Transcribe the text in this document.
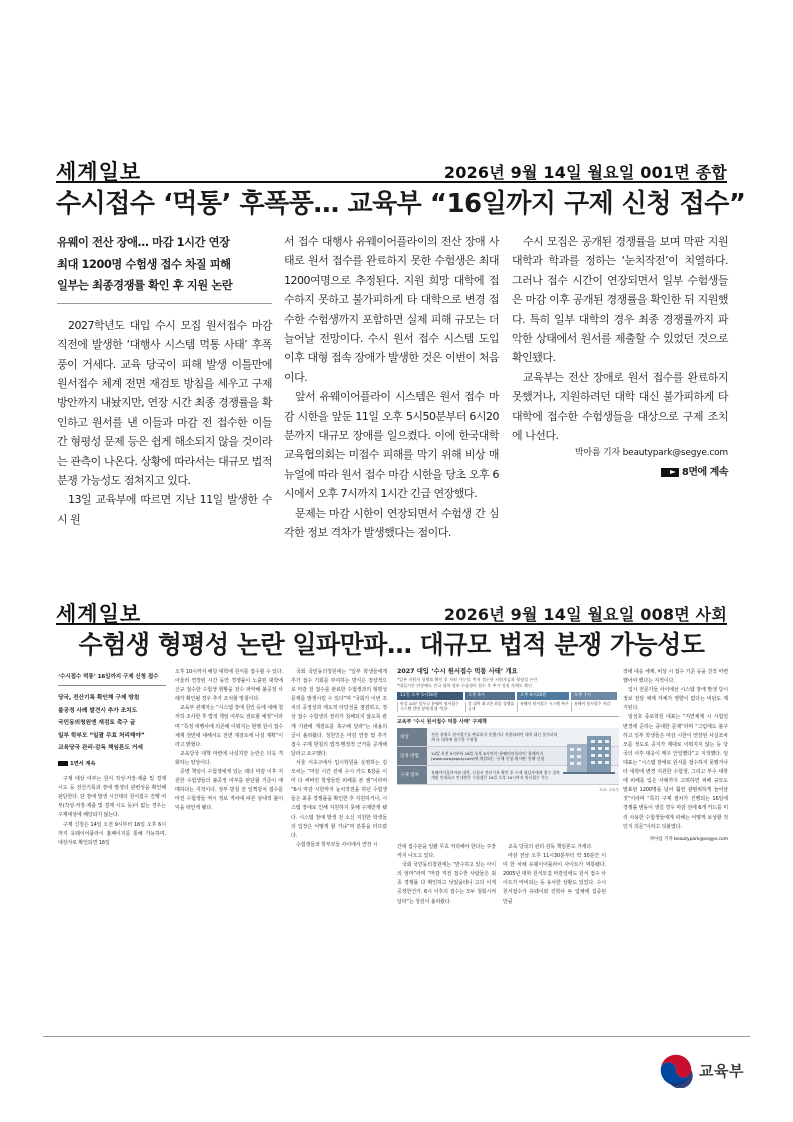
세계일보	2026년 9월 14일 월요일 001면 종합
수시접수 ‘먹통’ 후폭풍… 교육부 “16일까지 구제 신청 접수”
유웨이 전산 장애… 마감 1시간 연장
최대 1200명 수험생 접수 차질 피해
일부는 최종경쟁률 확인 후 지원 논란

2027학년도 대입 수시 모집 원서접수 마감 직전에 발생한 ‘대행사 시스템 먹통 사태’ 후폭풍이 거세다. 교육 당국이 피해 발생 이틀만에 원서접수 체계 전면 재검토 방침을 세우고 구제방안까지 내놨지만, 연장 시간 최종 경쟁률을 확인하고 원서를 낸 이들과 마감 전 접수한 이들 간 형평성 문제 등은 쉽게 해소되지 않을 것이라는 관측이 나온다. 상황에 따라서는 대규모 법적 분쟁 가능성도 점쳐지고 있다.

13일 교육부에 따르면 지난 11일 발생한 수시 원

서 접수 대행사 유웨이어플라이의 전산 장애 사태로 원서 접수를 완료하지 못한 수험생은 최대 1200여명으로 추정된다. 지원 희망 대학에 접수하지 못하고 불가피하게 타 대학으로 변경 접수한 수험생까지 포함하면 실제 피해 규모는 더 늘어날 전망이다. 수시 원서 접수 시스템 도입 이후 대형 접속 장애가 발생한 것은 이번이 처음이다.

앞서 유웨이어플라이 시스템은 원서 접수 마감 시한을 앞둔 11일 오후 5시50분부터 6시20분까지 대규모 장애를 일으켰다. 이에 한국대학교육협의회는 미접수 피해를 막기 위해 비상 매뉴얼에 따라 원서 접수 마감 시한을 당초 오후 6시에서 오후 7시까지 1시간 긴급 연장했다.

문제는 마감 시한이 연장되면서 수험생 간 심각한 정보 격차가 발생했다는 점이다.

수시 모집은 공개된 경쟁률을 보며 막판 지원 대학과 학과를 정하는 ‘눈치작전’이 치열하다. 그러나 접수 시간이 연장되면서 일부 수험생들은 마감 이후 공개된 경쟁률을 확인한 뒤 지원했다. 특히 일부 대학의 경우 최종 경쟁률까지 파악한 상태에서 원서를 제출할 수 있었던 것으로 확인됐다.

교육부는 전산 장애로 원서 접수를 완료하지 못했거나, 지원하려던 대학 대신 불가피하게 타 대학에 접수한 수험생들을 대상으로 구제 조치에 나선다.

박아름 기자 beautypark@segye.com
8면에 계속
세계일보	2026년 9월 14일 월요일 008면 사회
수험생 형평성 논란 일파만파… 대규모 법적 분쟁 가능성도
‘수시접수 먹통’ 16일까지 구제 신청 접수
당국, 전산기록 확인해 구제 방침
불공정 사례 발견시 추가 조치도
국민동의청원엔 재검토 촉구 글
일부 학부모 “일괄 무효 처리해야”
교육당국 관리·감독 책임론도 거세
1면서 계속

구제 대상 여부는 원서 작성·저장·제출 및 결제 시도 등 전산기록과 장애 발생의 관련성을 확인해 판단한다. 단 장애 발생 시간대의 원서접수 진행 여부(작성·저장·제출 및 결제 시도 등)이 없는 경우는 구제대상에 해당되지 않는다.

구제 신청은 14일 오전 9시부터 16일 오후 6시까지 유웨이어플라이 홈페이지를 통해 가능하며, 대상자로 확인되면 16일

오후 10시까지 해당 대학에 원서를 접수할 수 있다. 아울러 연장된 시간 동안 경쟁률이 노출된 대학에 신규 접수한 수험생 현황을 전수 파악해 불공정 사례가 확인될 경우 추가 조치할 방침이다.

교육부 관계자는 “시스템 장애 원인 등에 대해 철저히 조사한 후 법적 책임 여부도 검토할 예정”이라며 “특정 대행사에 의존해 이뤄지는 현행 원서 접수 체계 전반에 대해서도 전면 재검토에 나설 계획”이라고 밝혔다.

교육당국 대책 마련에 나섰지만 논란은 더욱 격화하는 양상이다.

증명 책임이 수험생에게 있는 데다 마감 이후 지원한 수험생들의 불공정 여부를 판단할 기준이 애매하다는 지적이다. 정부 방침 전 일찍감치 접수를 마친 수험생들 역시 정보 격차에 따른 상대적 불이익을 떠안게 됐다.

국회 국민동의청원에는 “일부 학생들에게 추가 접수 기회를 부여하는 방식은 정상적으로 마감 전 접수를 완료한 수험생과의 형평성 문제를 발생시킬 수 있다”며 “국회가 이번 조치의 공정성과 제도적 타당성을 점검하고, 정상 접수 수험생의 권리가 침해되지 않도록 관계 기관에 재검토를 촉구해 달라”는 내용의 글이 올라왔다. 청원인은 마감 연장 및 추가 접수 구제 방침의 법적·행정적 근거를 공개해 달라고 요구했다.

서울 서초구에서 입시학원을 운영하는 김모씨는 “마감 시간 전에 수시 카드 6장을 이미 다 써버린 학생들만 피해를 본 셈”이라며 “6시 마감 시한까지 눈치작전을 하던 수험생들은 최종 경쟁률을 확인한 후 지원하거나, 시스템 장애로 인해 지원하지 못해 구제받게 됐다. 시스템 장애 발생 전 소신 지원한 학생들의 입장은 어떻게 할 거냐”며 분통을 터뜨렸다.

수험생들과 학부모들 사이에서 연장 시

2027 대입 ‘수시 원서접수 먹통 사태’ 개요
*일부 지원자 경쟁률 확인 후 지원 가능성, 먼저 접수한 지원자들과 형평성 논란
*대입시간 연장에도 전국 대학 정보 수험생이 접수 후 추가 정정 사례도 확인
11일 오후 5시50분	오후 6시	오후 6시20분	오후 7시
마감 10분 앞두고 유웨이 원서접수 시스템 전면 장애 발생 '먹통'
각 대학 최고한 최종 경쟁률 공개
유웨이 원서접수 시스템 복구	유웨이 원서접수 마감
교육부 ‘수시 원서접수 먹통 사태’ 구제책
대상
전산 장애로 원서접수를 완료하지 못했거나 지원하려던 대학 대신 불가피하게 타 대학에 접수한 수험생
일정·방법
14일 오전 9시부터 16일 오후 6시까지 '유웨이어플라이' 홈페이지 (www.uwayapply.com)에 개설되는 '구제 신청 게시판' 통해 신청
구제 절차
유웨이어플라이와 대학, 신청자 전산기록 확인 후 구제 대상자에게 접수 절차 개별 안내하고 안내받은 수험생은 16일 오후 10시까지 원서접수 가능
자료: 교육부

간대 접수분을 일괄 무효 처리해야 한다는 주장까지 나오고 있다.

국회 국민동의청원에는 “반수하고 있는 아이의 엄마”라며 “마감 직전 접수한 사람들은 최종 경쟁률 다 확인하고 낮았을테니 고의 이게 공정한건가. 6시 이후의 접수는 모두 철회시켜 달라”는 청원이 올라왔다.

교육 당국의 관리·감독 책임론도 거세다.

마감 전날 오후 11시30분부터 약 30분간 이미 한 차례 유웨이어플라이 사이트가 먹통됐다. 2005년 대학 원서모집 마감일에도 원서 접수 사이트가 마비되는 등 유사한 상황도 있었다. 수시 원서접수가 유웨이와 진학사 두 업체에 집중된 만큼

장애 대응 체계, 비상 시 접수 기준 등을 진작 마련했어야 했다는 지적이다.

입시 전문가들 사이에선 시스템 장애 발생 당시 정보 전달 체계 자체가 영향이 없다는 비판도 제기된다.

임성호 종로학원 대표는 “지연체제 시 시험일 변경에 준하는 중대한 문제”라며 “그럼에도 불구하고 일부 학생들은 마감 시한이 연장된 사실조차 모를 정도로 공지가 제대로 이뤄지지 않는 등 당국의 사후 대응이 매우 안일했다”고 지적했다. 임 대표는 “시스템 장애로 원서를 접수하지 못했거나 타 대학에 변경 지원한 수험생, 그리고 부수 대학에 피해를 입은 사례까지 고려하면 피해 규모도 발표된 1200명을 넘어 훨씬 광범위하게 늘어날 것”이라며 “특히 구제 절차가 진행되는 16일에 경쟁률 변동이 생길 경우 마감 전에 6개 카드를 미리 사용한 수험생들에게 피해는 어떻게 보상할 것인지 의문”이라고 덧붙였다.

박아름 기자 beautypark@segye.com
교육부
